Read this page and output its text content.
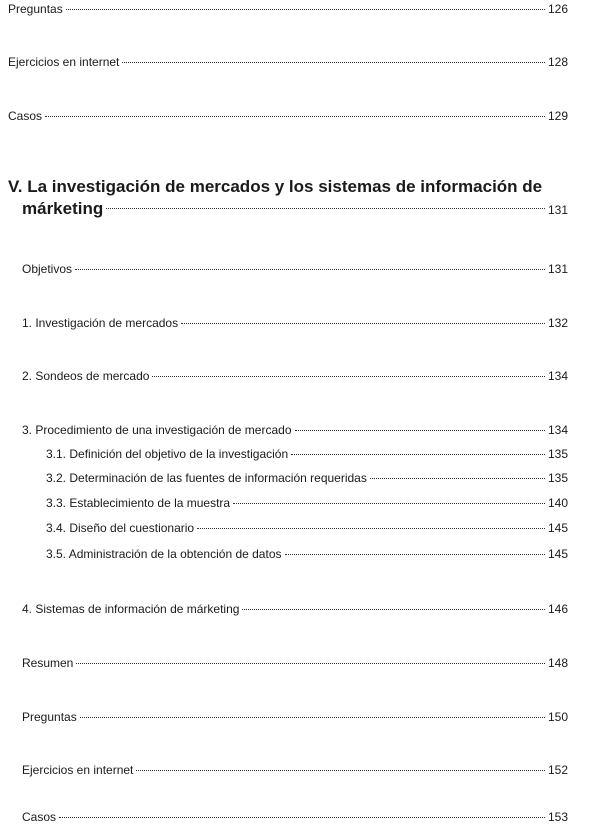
Preguntas	126
Ejercicios en internet	128
Casos	129
V. La investigación de mercados y los sistemas de información de
márketing	131
Objetivos	131
1. Investigación de mercados	132
2. Sondeos de mercado	134
3. Procedimiento de una investigación de mercado	134
3.1. Definición del objetivo de la investigación	135
3.2. Determinación de las fuentes de información requeridas	135
3.3. Establecimiento de la muestra	140
3.4. Diseño del cuestionario	145
3.5. Administración de la obtención de datos	145
4. Sistemas de información de márketing	146
Resumen	148
Preguntas	150
Ejercicios en internet	152
Casos	153
